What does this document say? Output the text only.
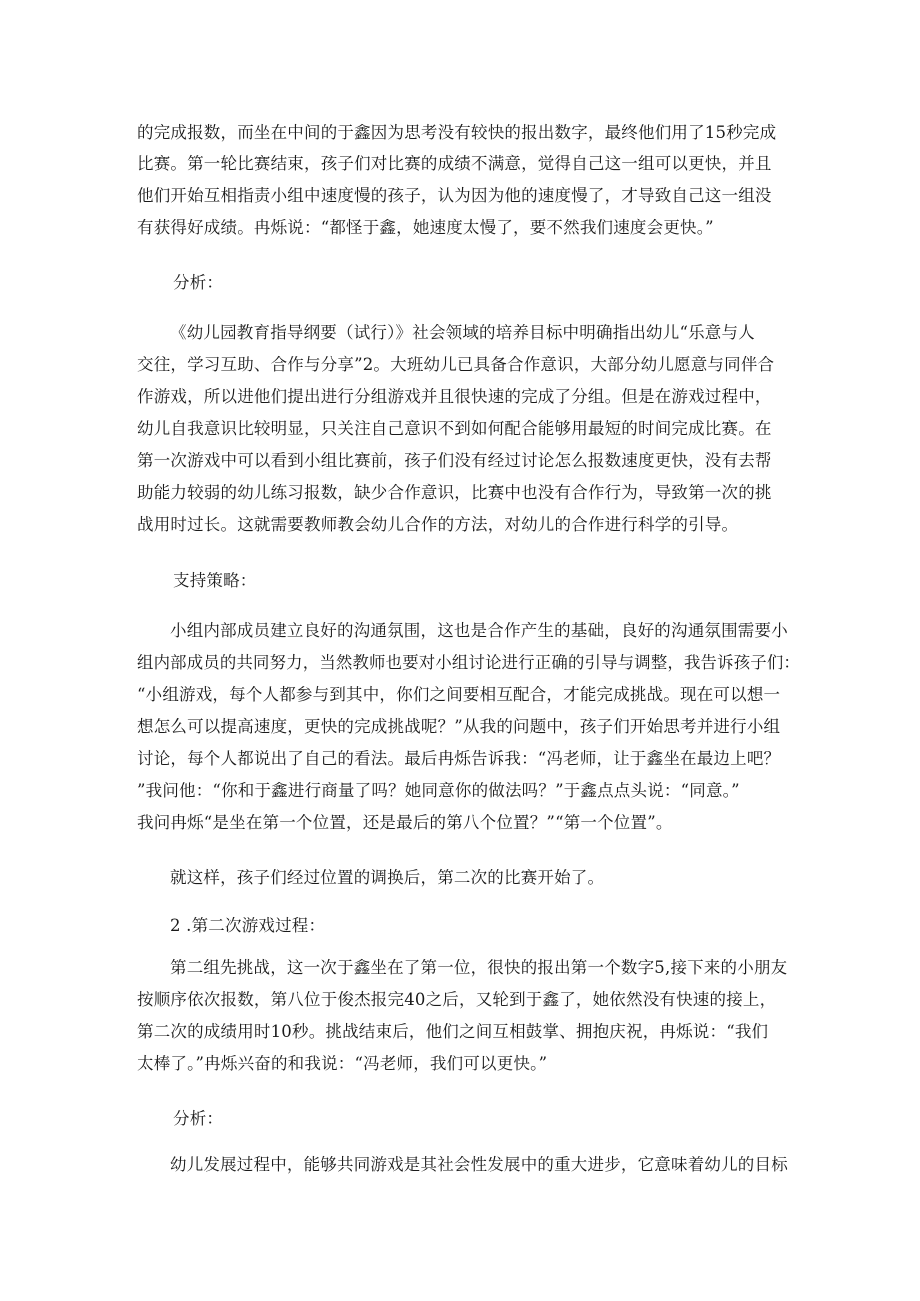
的完成报数，而坐在中间的于鑫因为思考没有较快的报出数字，最终他们用了15秒完成
比赛。第一轮比赛结束，孩子们对比赛的成绩不满意，觉得自己这一组可以更快，并且
他们开始互相指责小组中速度慢的孩子，认为因为他的速度慢了，才导致自己这一组没
有获得好成绩。冉烁说：“都怪于鑫，她速度太慢了，要不然我们速度会更快。”
分析：
《幼儿园教育指导纲要（试行）》社会领域的培养目标中明确指出幼儿“乐意与人
交往，学习互助、合作与分享”2。大班幼儿已具备合作意识，大部分幼儿愿意与同伴合
作游戏，所以进他们提出进行分组游戏并且很快速的完成了分组。但是在游戏过程中，
幼儿自我意识比较明显，只关注自己意识不到如何配合能够用最短的时间完成比赛。在
第一次游戏中可以看到小组比赛前，孩子们没有经过讨论怎么报数速度更快，没有去帮
助能力较弱的幼儿练习报数，缺少合作意识，比赛中也没有合作行为，导致第一次的挑
战用时过长。这就需要教师教会幼儿合作的方法，对幼儿的合作进行科学的引导。
支持策略：
小组内部成员建立良好的沟通氛围，这也是合作产生的基础，良好的沟通氛围需要小
组内部成员的共同努力，当然教师也要对小组讨论进行正确的引导与调整，我告诉孩子们：
“小组游戏，每个人都参与到其中，你们之间要相互配合，才能完成挑战。现在可以想一
想怎么可以提高速度，更快的完成挑战呢？”从我的问题中，孩子们开始思考并进行小组
讨论，每个人都说出了自己的看法。最后冉烁告诉我：“冯老师，让于鑫坐在最边上吧？
”我问他：“你和于鑫进行商量了吗？她同意你的做法吗？”于鑫点点头说：“同意。”
我问冉烁“是坐在第一个位置，还是最后的第八个位置？”“第一个位置”。
就这样，孩子们经过位置的调换后，第二次的比赛开始了。
2 .第二次游戏过程：
第二组先挑战，这一次于鑫坐在了第一位，很快的报出第一个数字5,接下来的小朋友
按顺序依次报数，第八位于俊杰报完40之后，又轮到于鑫了，她依然没有快速的接上，
第二次的成绩用时10秒。挑战结束后，他们之间互相鼓掌、拥抱庆祝，冉烁说：“我们
太棒了。”冉烁兴奋的和我说：“冯老师，我们可以更快。”
分析：
幼儿发展过程中，能够共同游戏是其社会性发展中的重大进步，它意味着幼儿的目标
